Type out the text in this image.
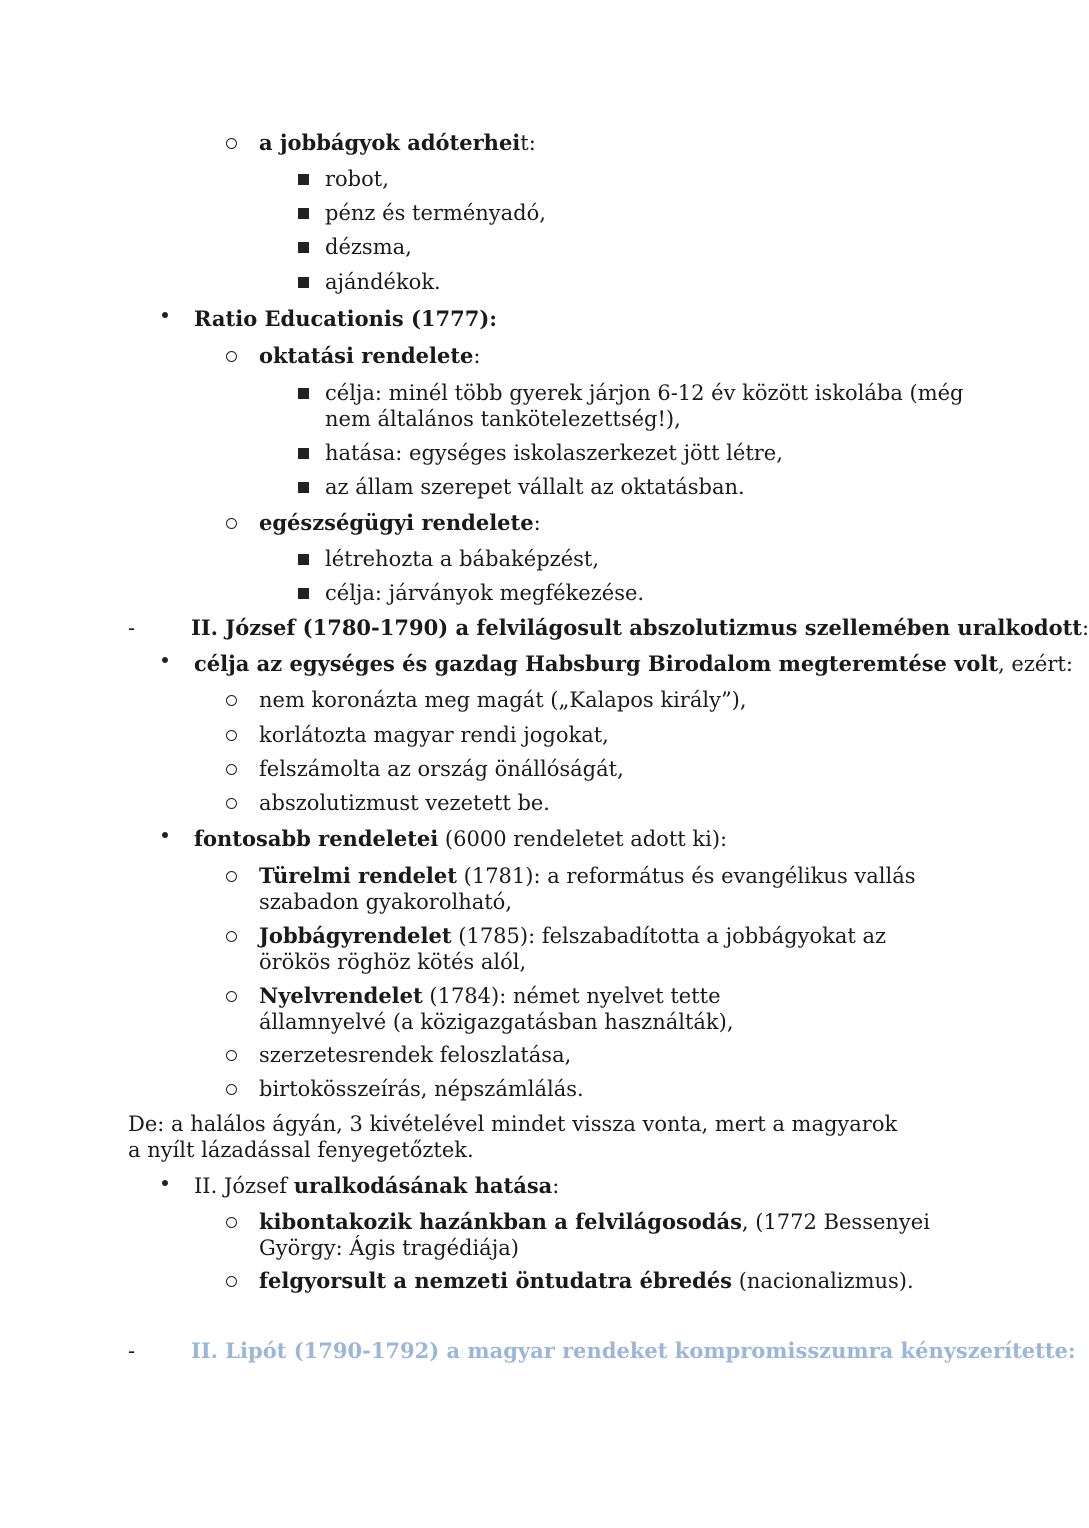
a jobbágyok adóterheit:
robot,
pénz és terményadó,
dézsma,
ajándékok.
Ratio Educationis (1777):
oktatási rendelete:
célja: minél több gyerek járjon 6-12 év között iskolába (még nem általános tankötelezettség!),
hatása: egységes iskolaszerkezet jött létre,
az állam szerepet vállalt az oktatásban.
egészségügyi rendelete:
létrehozta a bábaképzést,
célja: járványok megfékezése.
-	II. József (1780-1790) a felvilágosult abszolutizmus szellemében uralkodott:
célja az egységes és gazdag Habsburg Birodalom megteremtése volt, ezért:
nem koronázta meg magát („Kalapos király”),
korlátozta magyar rendi jogokat,
felszámolta az ország önállóságát,
abszolutizmust vezetett be.
fontosabb rendeletei (6000 rendeletet adott ki):
Türelmi rendelet (1781): a református és evangélikus vallás szabadon gyakorolható,
Jobbágyrendelet (1785): felszabadította a jobbágyokat az örökös röghöz kötés alól,
Nyelvrendelet (1784): német nyelvet tette államnyelvé (a közigazgatásban használták),
szerzetesrendek feloszlatása,
birtokösszeírás, népszámlálás.
De: a halálos ágyán, 3 kivételével mindet vissza vonta, mert a magyarok a nyílt lázadással fenyegetőztek.
II. József uralkodásának hatása:
kibontakozik hazánkban a felvilágosodás, (1772 Bessenyei György: Ágis tragédiája)
felgyorsult a nemzeti öntudatra ébredés (nacionalizmus).
-	II. Lipót (1790-1792) a magyar rendeket kompromisszumra kényszerítette:
